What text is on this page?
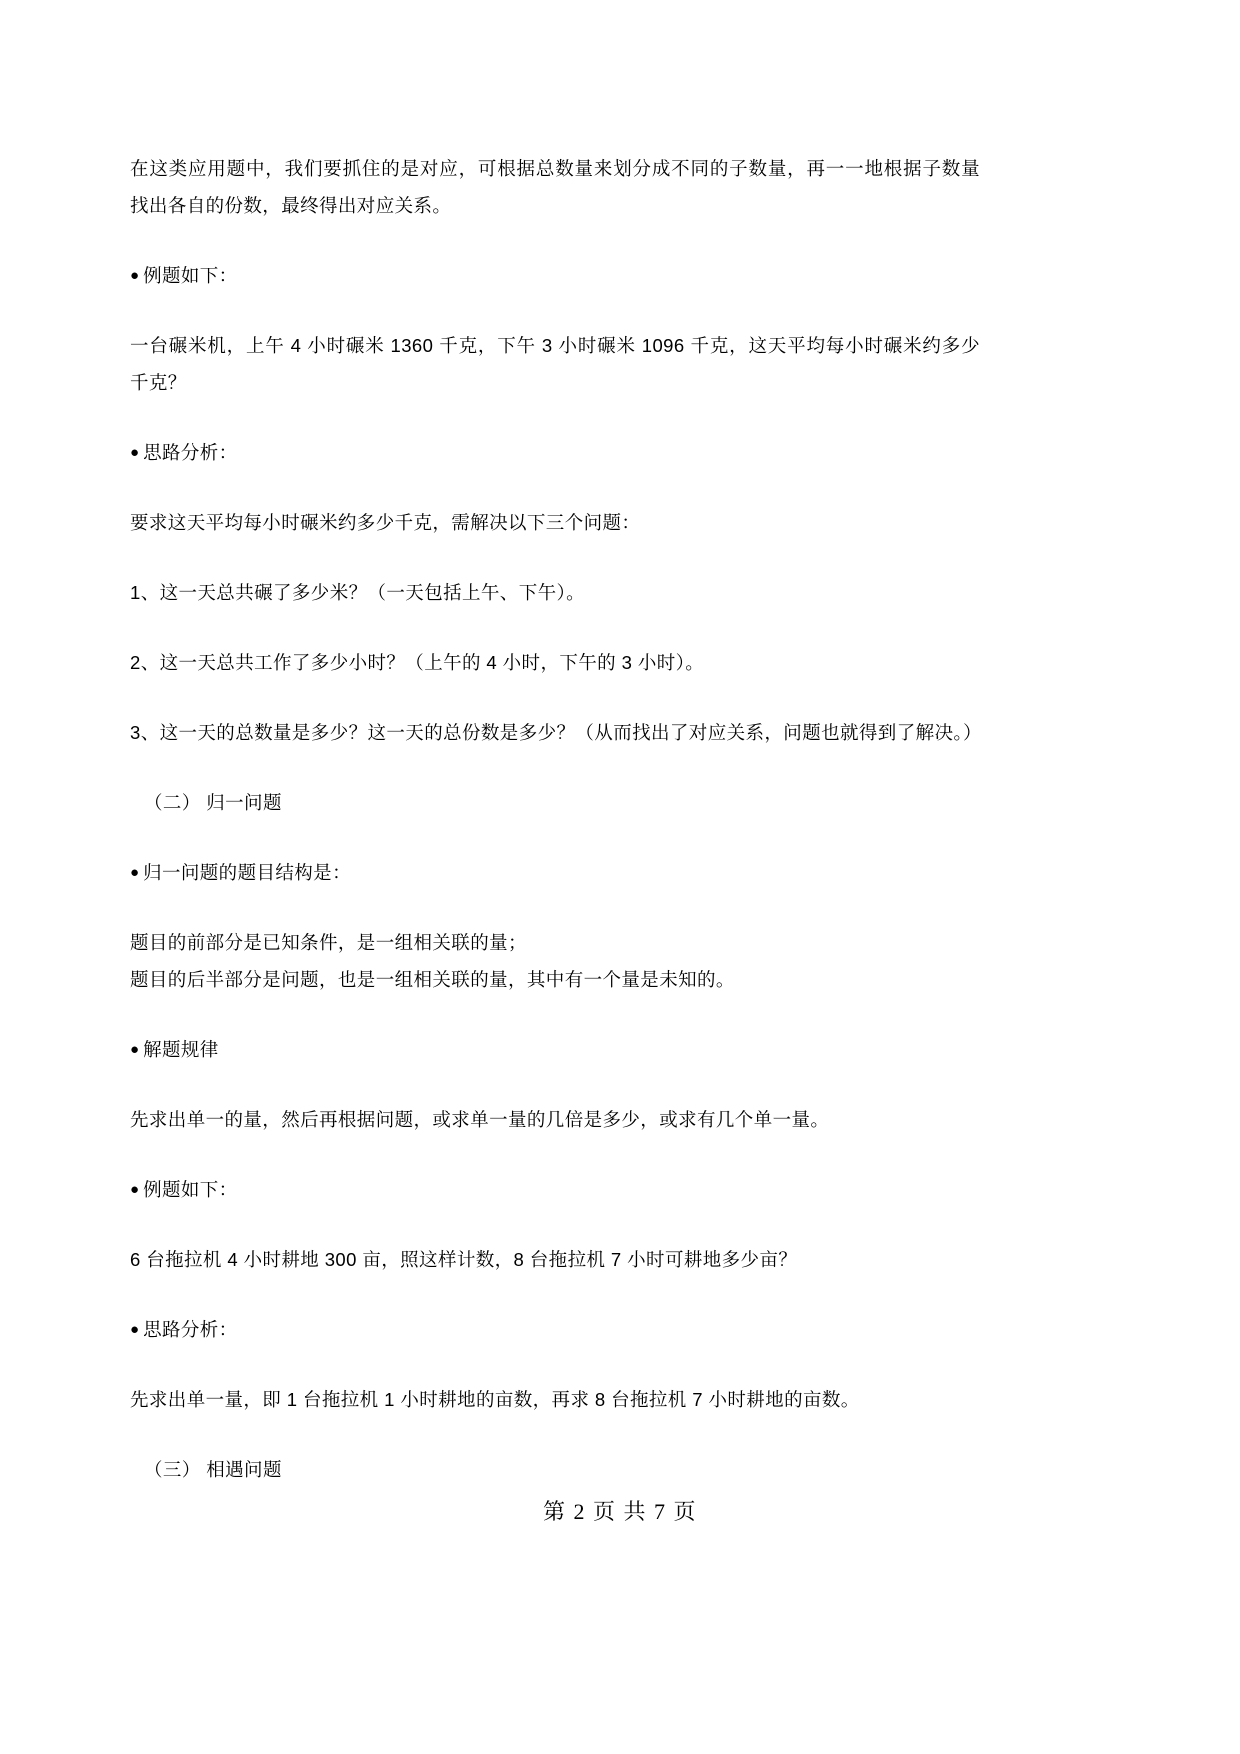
在这类应用题中，我们要抓住的是对应，可根据总数量来划分成不同的子数量，再一一地根据子数量找出各自的份数，最终得出对应关系。

●例题如下：

一台碾米机，上午 4 小时碾米 1360 千克，下午 3 小时碾米 1096 千克，这天平均每小时碾米约多少千克？

●思路分析：

要求这天平均每小时碾米约多少千克，需解决以下三个问题：

1、这一天总共碾了多少米？（一天包括上午、下午）。

2、这一天总共工作了多少小时？（上午的 4 小时，下午的 3 小时）。

3、这一天的总数量是多少？这一天的总份数是多少？（从而找出了对应关系，问题也就得到了解决。）

（二） 归一问题

●归一问题的题目结构是：

题目的前部分是已知条件，是一组相关联的量；
题目的后半部分是问题，也是一组相关联的量，其中有一个量是未知的。

●解题规律

先求出单一的量，然后再根据问题，或求单一量的几倍是多少，或求有几个单一量。

●例题如下：

6 台拖拉机 4 小时耕地 300 亩，照这样计数，8 台拖拉机 7 小时可耕地多少亩？

●思路分析：

先求出单一量，即 1 台拖拉机 1 小时耕地的亩数，再求 8 台拖拉机 7 小时耕地的亩数。

（三） 相遇问题

第 2 页 共 7 页
